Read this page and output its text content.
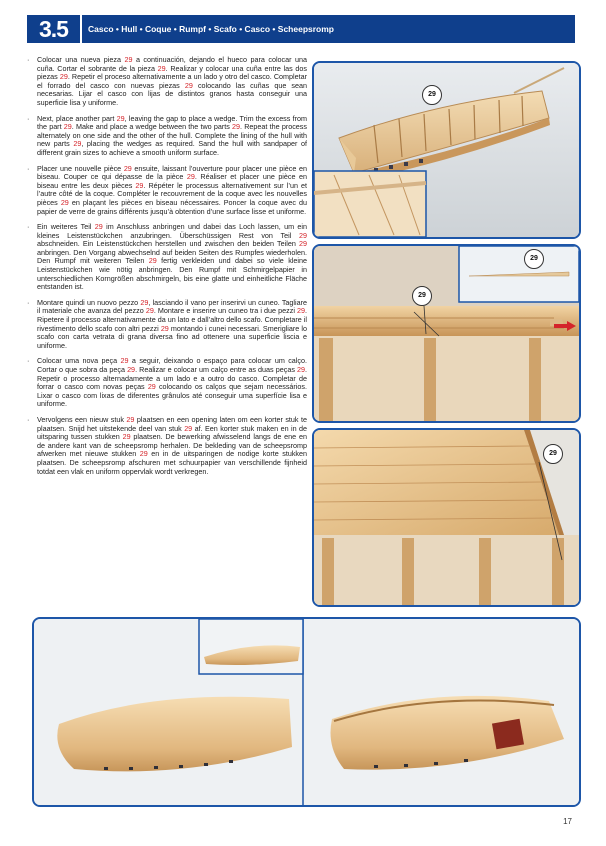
3.5	Casco • Hull • Coque • Rumpf • Scafo • Casco • Scheepsromp
· Colocar una nueva pieza 29 a continuación, dejando el hueco para colocar una cuña. Cortar el sobrante de la pieza 29. Realizar y colocar una cuña entre las dos piezas 29. Repetir el proceso alternativamente a un lado y otro del casco. Completar el forrado del casco con nuevas piezas 29 colocando las cuñas que sean necesarias. Lijar el casco con lijas de distintos granos hasta conseguir una superficie lisa y uniforme.

· Next, place another part 29, leaving the gap to place a wedge. Trim the excess from the part 29. Make and place a wedge between the two parts 29. Repeat the process alternately on one side and the other of the hull. Complete the lining of the hull with new parts 29, placing the wedges as required. Sand the hull with sandpaper of different grain sizes to achieve a smooth uniform surface.

· Placer une nouvelle pièce 29 ensuite, laissant l’ouverture pour placer une pièce en biseau. Couper ce qui dépasse de la pièce 29. Réaliser et placer une pièce en biseau entre les deux pièces 29. Répéter le processus alternativement sur l’un et l’autre côté de la coque. Compléter le recouvrement de la coque avec les nouvelles pièces 29 en plaçant les pièces en biseau nécessaires. Poncer la coque avec du papier de verre de grains différents jusqu’à obtention d’une surface lisse et uniforme.

· Ein weiteres Teil 29 im Anschluss anbringen und dabei das Loch lassen, um ein kleines Leistenstückchen anzubringen. Überschüssigen Rest von Teil 29 abschneiden. Ein Leistenstückchen herstellen und zwischen den beiden Teilen 29 anbringen. Den Vorgang abwechselnd auf beiden Seiten des Rumpfes wiederholen. Den Rumpf mit weiteren Teilen 29 fertig verkleiden und dabei so viele kleine Leistenstückchen wie nötig anbringen. Den Rumpf mit Schmirgelpapier in unterschiedlichen Korngrößen abschmirgeln, bis eine glatte und einheitliche Fläche entstanden ist.

· Montare quindi un nuovo pezzo 29, lasciando il vano per inserirvi un cuneo. Tagliare il materiale che avanza del pezzo 29. Montare e inserire un cuneo tra i due pezzi 29. Ripetere il processo alternativamente da un lato e dall’altro dello scafo. Completare il rivestimento dello scafo con altri pezzi 29 montando i cunei necessari. Smerigliare lo scafo con carta vetrata di grana diversa fino ad ottenere una superficie liscia e uniforme.

· Colocar uma nova peça 29 a seguir, deixando o espaço para colocar um calço. Cortar o que sobra da peça 29. Realizar e colocar um calço entre as duas peças 29. Repetir o processo alternadamente a um lado e a outro do casco. Completar de forrar o casco com novas peças 29 colocando os calços que sejam necessários. Lixar o casco com lixas de diferentes grânulos até conseguir uma superfície lisa e uniforme.

· Vervolgens een nieuw stuk 29 plaatsen en een opening laten om een korter stuk te plaatsen. Snijd het uitstekende deel van stuk 29 af. Een korter stuk maken en in de uitsparing tussen stukken 29 plaatsen. De bewerking afwisselend langs de ene en de andere kant van de scheepsromp herhalen. De bekleding van de scheepsromp afwerken met nieuwe stukken 29 en in de uitsparingen de nodige korte stukken plaatsen. De scheepsromp afschuren met schuurpapier van verschillende fijnheid totdat een vlak en uniform oppervlak wordt verkregen.

29
29
29
29
17
